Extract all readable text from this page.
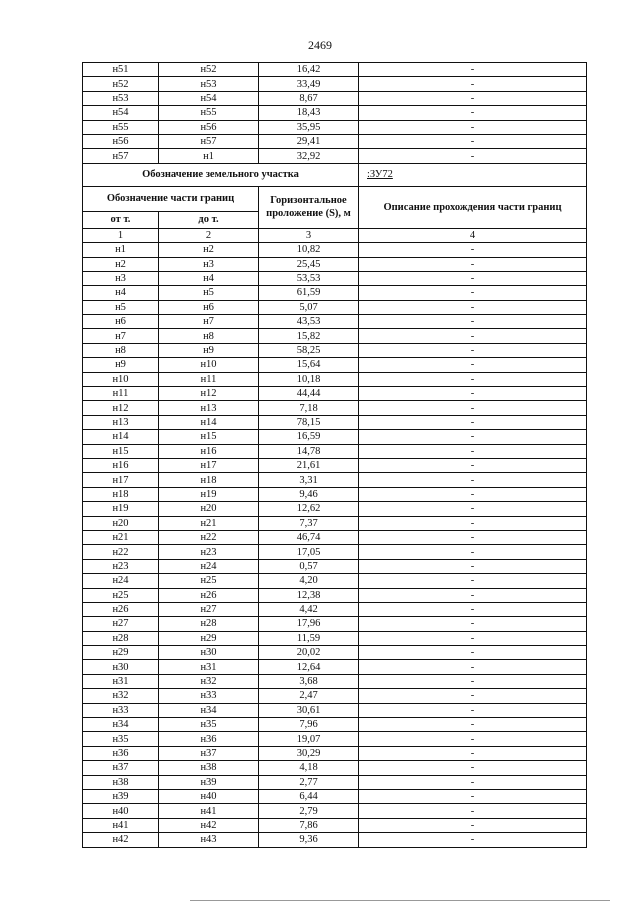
2469
н51	н52	16,42	-
н52	н53	33,49	-
н53	н54	8,67	-
н54	н55	18,43	-
н55	н56	35,95	-
н56	н57	29,41	-
н57	н1	32,92	-
Обозначение земельного участка			:ЗУ72
Обозначение части границ		Горизонтальное проложение (S), м	Описание прохождения части границ
от т.	до т.		
1	2	3	4
н1	н2	10,82	-
н2	н3	25,45	-
н3	н4	53,53	-
н4	н5	61,59	-
н5	н6	5,07	-
н6	н7	43,53	-
н7	н8	15,82	-
н8	н9	58,25	-
н9	н10	15,64	-
н10	н11	10,18	-
н11	н12	44,44	-
н12	н13	7,18	-
н13	н14	78,15	-
н14	н15	16,59	-
н15	н16	14,78	-
н16	н17	21,61	-
н17	н18	3,31	-
н18	н19	9,46	-
н19	н20	12,62	-
н20	н21	7,37	-
н21	н22	46,74	-
н22	н23	17,05	-
н23	н24	0,57	-
н24	н25	4,20	-
н25	н26	12,38	-
н26	н27	4,42	-
н27	н28	17,96	-
н28	н29	11,59	-
н29	н30	20,02	-
н30	н31	12,64	-
н31	н32	3,68	-
н32	н33	2,47	-
н33	н34	30,61	-
н34	н35	7,96	-
н35	н36	19,07	-
н36	н37	30,29	-
н37	н38	4,18	-
н38	н39	2,77	-
н39	н40	6,44	-
н40	н41	2,79	-
н41	н42	7,86	-
н42	н43	9,36	-
